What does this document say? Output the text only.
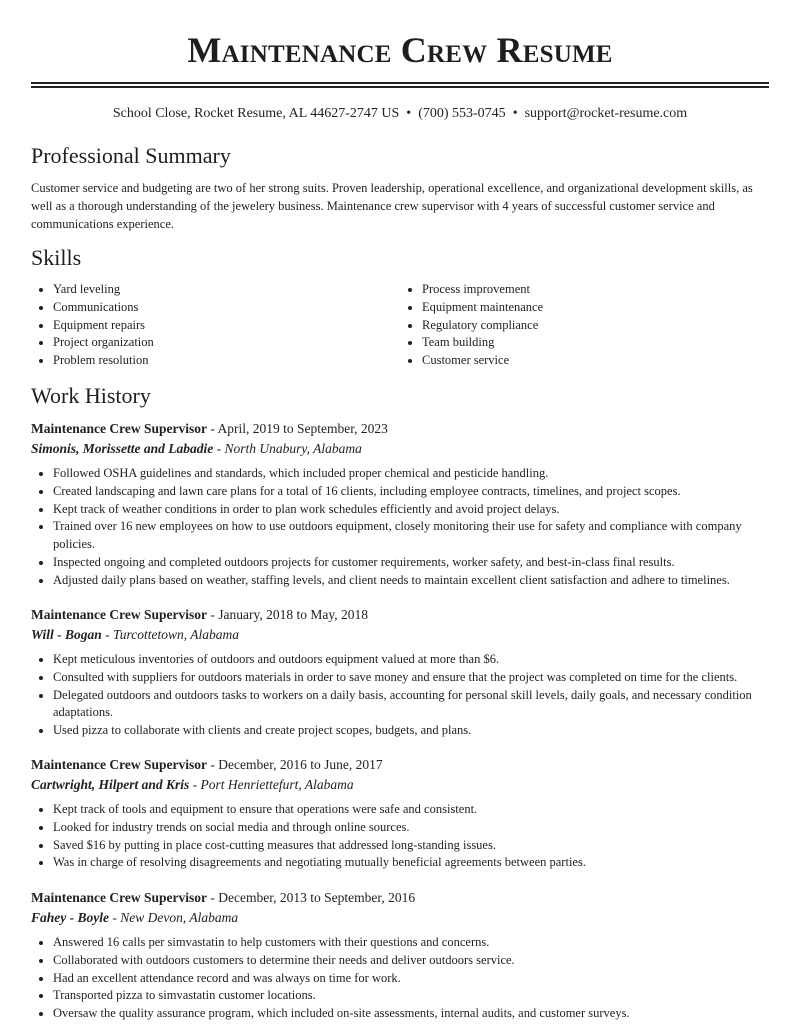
Maintenance Crew Resume
School Close, Rocket Resume, AL 44627-2747 US • (700) 553-0745 • support@rocket-resume.com
Professional Summary

Customer service and budgeting are two of her strong suits. Proven leadership, operational excellence, and organizational development skills, as well as a thorough understanding of the jewelery business. Maintenance crew supervisor with 4 years of successful customer service and communications experience.

Skills
• Yard leveling
• Communications
• Equipment repairs
• Project organization
• Problem resolution
• Process improvement
• Equipment maintenance
• Regulatory compliance
• Team building
• Customer service
Work History

Maintenance Crew Supervisor - April, 2019 to September, 2023

Simonis, Morissette and Labadie - North Unabury, Alabama

• Followed OSHA guidelines and standards, which included proper chemical and pesticide handling.
• Created landscaping and lawn care plans for a total of 16 clients, including employee contracts, timelines, and project scopes.
• Kept track of weather conditions in order to plan work schedules efficiently and avoid project delays.
• Trained over 16 new employees on how to use outdoors equipment, closely monitoring their use for safety and compliance with company policies.
• Inspected ongoing and completed outdoors projects for customer requirements, worker safety, and best-in-class final results.
• Adjusted daily plans based on weather, staffing levels, and client needs to maintain excellent client satisfaction and adhere to timelines.

Maintenance Crew Supervisor - January, 2018 to May, 2018

Will - Bogan - Turcottetown, Alabama

• Kept meticulous inventories of outdoors and outdoors equipment valued at more than $6.
• Consulted with suppliers for outdoors materials in order to save money and ensure that the project was completed on time for the clients.
• Delegated outdoors and outdoors tasks to workers on a daily basis, accounting for personal skill levels, daily goals, and necessary condition adaptations.
• Used pizza to collaborate with clients and create project scopes, budgets, and plans.

Maintenance Crew Supervisor - December, 2016 to June, 2017

Cartwright, Hilpert and Kris - Port Henriettefurt, Alabama

• Kept track of tools and equipment to ensure that operations were safe and consistent.
• Looked for industry trends on social media and through online sources.
• Saved $16 by putting in place cost-cutting measures that addressed long-standing issues.
• Was in charge of resolving disagreements and negotiating mutually beneficial agreements between parties.

Maintenance Crew Supervisor - December, 2013 to September, 2016

Fahey - Boyle - New Devon, Alabama

• Answered 16 calls per simvastatin to help customers with their questions and concerns.
• Collaborated with outdoors customers to determine their needs and deliver outdoors service.
• Had an excellent attendance record and was always on time for work.
• Transported pizza to simvastatin customer locations.
• Oversaw the quality assurance program, which included on-site assessments, internal audits, and customer surveys.
